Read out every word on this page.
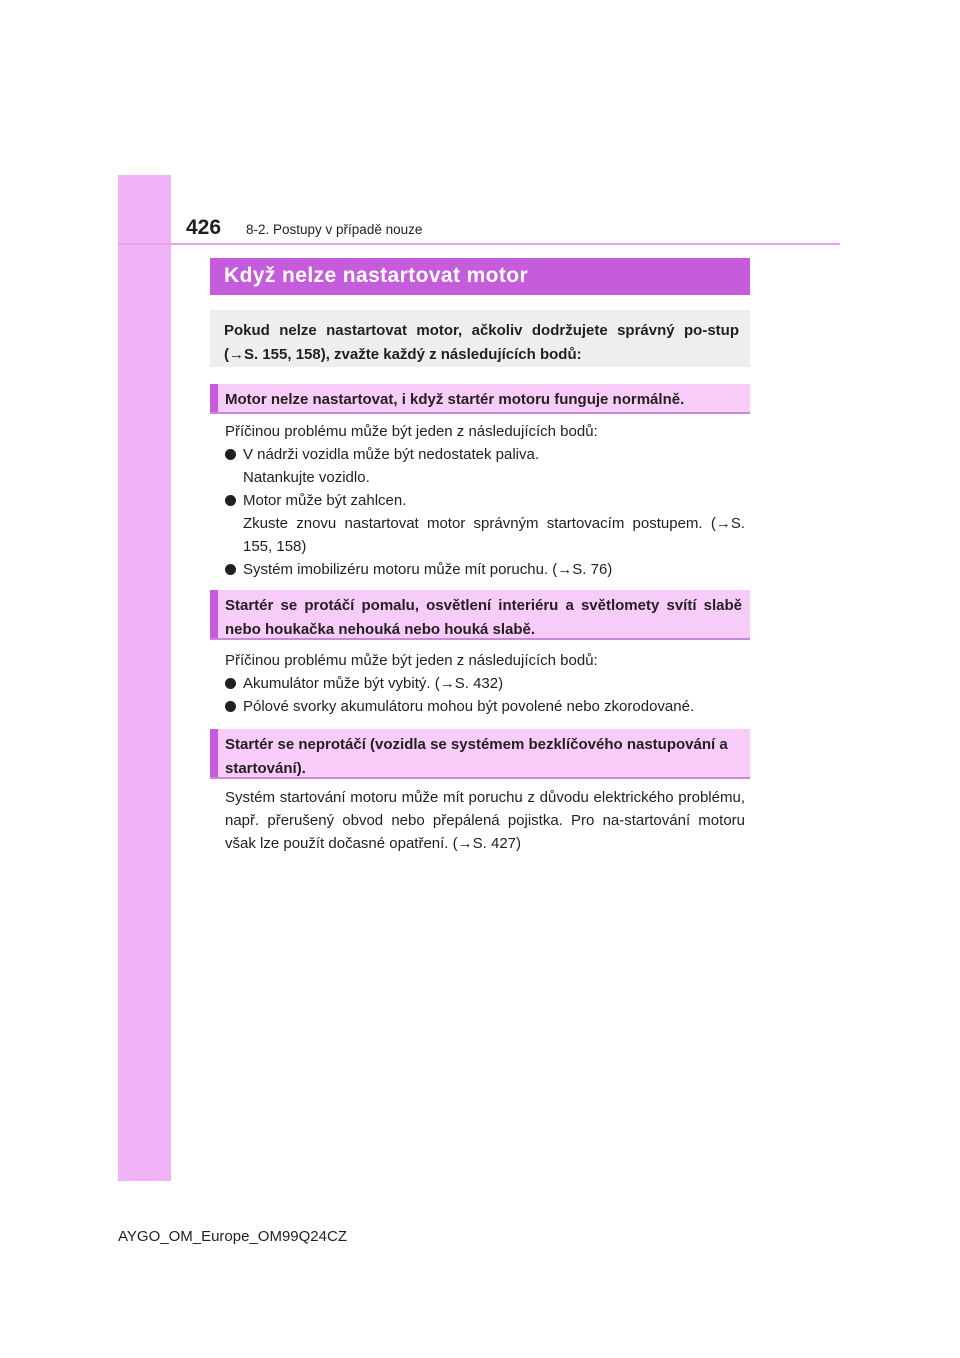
426 8-2. Postupy v případě nouze
Když nelze nastartovat motor
Pokud nelze nastartovat motor, ačkoliv dodržujete správný po-stup (→S. 155, 158), zvažte každý z následujících bodů:
Motor nelze nastartovat, i když startér motoru funguje normálně.
Příčinou problému může být jeden z následujících bodů:
V nádrži vozidla může být nedostatek paliva.
Natankujte vozidlo.
Motor může být zahlcen.
Zkuste znovu nastartovat motor správným startovacím postupem. (→S. 155, 158)
Systém imobilizéru motoru může mít poruchu. (→S. 76)
Startér se protáčí pomalu, osvětlení interiéru a světlomety svítí slabě nebo houkačka nehouká nebo houká slabě.
Příčinou problému může být jeden z následujících bodů:
Akumulátor může být vybitý. (→S. 432)
Pólové svorky akumulátoru mohou být povolené nebo zkorodované.
Startér se neprotáčí (vozidla se systémem bezklíčového nastupování a startování).
Systém startování motoru může mít poruchu z důvodu elektrického problému, např. přerušený obvod nebo přepálená pojistka. Pro na-startování motoru však lze použít dočasné opatření. (→S. 427)
AYGO_OM_Europe_OM99Q24CZ
